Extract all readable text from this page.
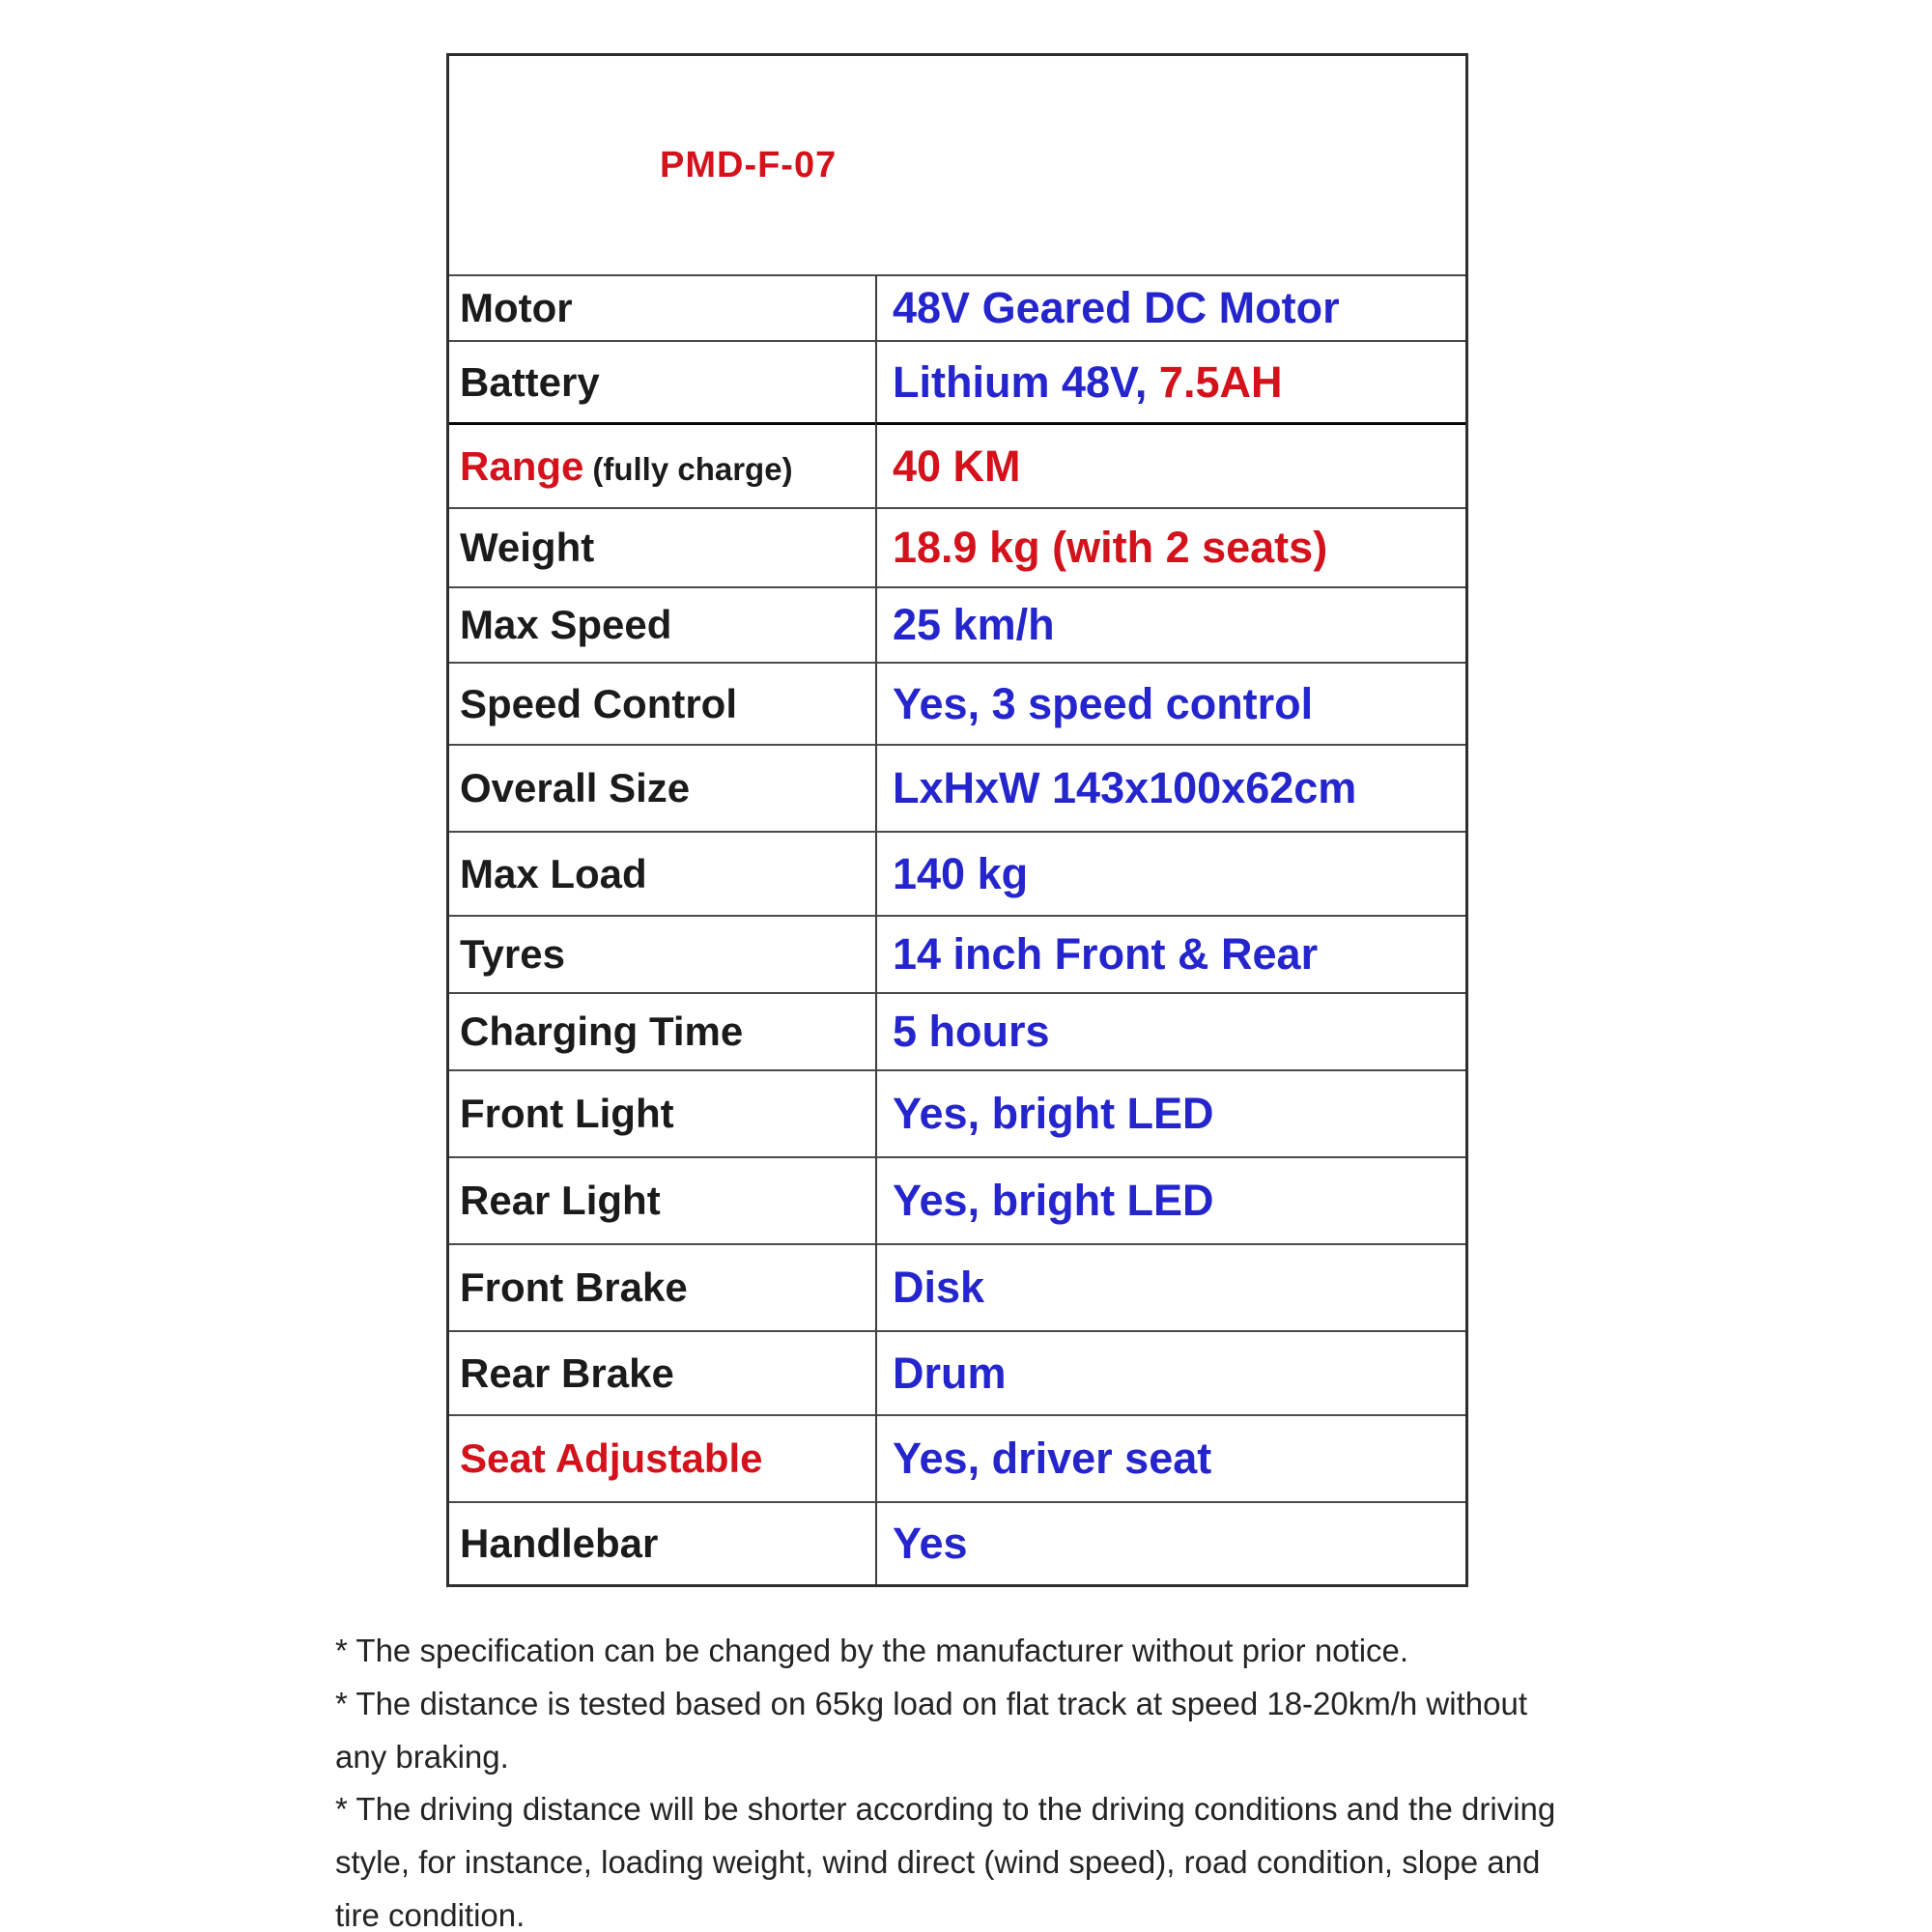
PMD-F-07
Motor	48V Geared DC Motor
Battery	Lithium 48V, 7.5AH
Range (fully charge) 40 KM
Weight	18.9 kg (with 2 seats)
Max Speed	25 km/h
Speed Control	Yes, 3 speed control
Overall Size	LxHxW 143x100x62cm
Max Load	140 kg
Tyres	14 inch Front & Rear
Charging Time	5 hours
Front Light	Yes, bright LED
Rear Light	Yes, bright LED
Front Brake	Disk
Rear Brake	Drum
Seat Adjustable	Yes, driver seat
Handlebar	Yes

* The specification can be changed by the manufacturer without prior notice.

* The distance is tested based on 65kg load on flat track at speed 18-20km/h without any braking.

* The driving distance will be shorter according to the driving conditions and the driving style, for instance, loading weight, wind direct (wind speed), road condition, slope and tire condition.
